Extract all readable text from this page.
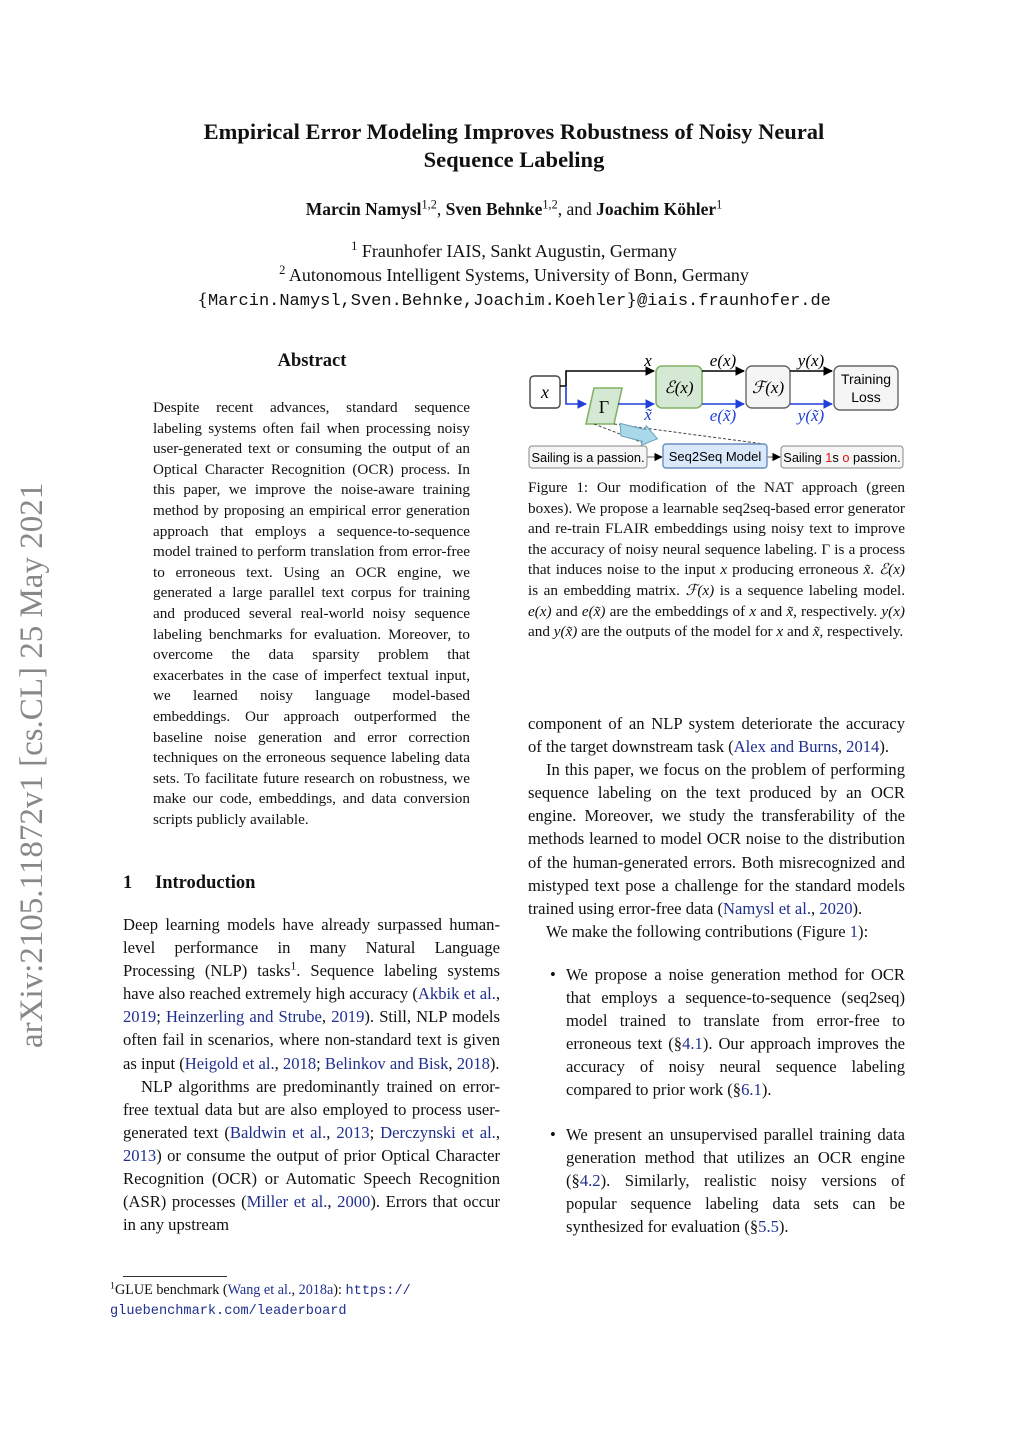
Empirical Error Modeling Improves Robustness of Noisy Neural
Sequence Labeling
Marcin Namysl$^{1,2}$, Sven Behnke$^{1,2}$, and Joachim Köhler$^1$
$^1$ Fraunhofer IAIS, Sankt Augustin, Germany
$^2$ Autonomous Intelligent Systems, University of Bonn, Germany
{Marcin.Namysl,Sven.Behnke,Joachim.Koehler}@iais.fraunhofer.de
arXiv:2105.11872v1 [cs.CL] 25 May 2021
Abstract
Despite recent advances, standard sequence labeling systems often fail when processing noisy user-generated text or consuming the output of an Optical Character Recognition (OCR) process. In this paper, we improve the noise-aware training method by proposing an empirical error generation approach that employs a sequence-to-sequence model trained to perform translation from error-free to erroneous text. Using an OCR engine, we generated a large parallel text corpus for training and produced several real-world noisy sequence labeling benchmarks for evaluation. Moreover, to overcome the data sparsity problem that exacerbates in the case of imperfect textual input, we learned noisy language model-based embeddings. Our approach outperformed the baseline noise generation and error correction techniques on the erroneous sequence labeling data sets. To facilitate future research on robustness, we make our code, embeddings, and data conversion scripts publicly available.
1 Introduction

Deep learning models have already surpassed human-level performance in many Natural Language Processing (NLP) tasks$^1$. Sequence labeling systems have also reached extremely high accuracy (Akbik et al., 2019; Heinzerling and Strube, 2019). Still, NLP models often fail in scenarios, where non-standard text is given as input (Heigold et al., 2018; Belinkov and Bisk, 2018).

NLP algorithms are predominantly trained on error-free textual data but are also employed to process user-generated text (Baldwin et al., 2013; Derczynski et al., 2013) or consume the output of prior Optical Character Recognition (OCR) or Automatic Speech Recognition (ASR) processes (Miller et al., 2000). Errors that occur in any upstream

$^1$GLUE benchmark (Wang et al., 2018a): https://
gluebenchmark.com/leaderboard
x
x
Γ x̃
ℰ(x)
e(x)
e(x̃)
ℱ(x)
y(x)
y(x̃)
Training
Loss
Sailing is a passion. Seq2Seq Model Sailing 1s o passion.
Figure 1: Our modification of the NAT approach (green boxes). We propose a learnable seq2seq-based error generator and re-train FLAIR embeddings using noisy text to improve the accuracy of noisy neural sequence labeling. Γ is a process that induces noise to the input x producing erroneous x̃. ℰ(x) is an embedding matrix. ℱ(x) is a sequence labeling model. e(x) and e(x̃) are the embeddings of x and x̃, respectively. y(x) and y(x̃) are the outputs of the model for x and x̃, respectively.

component of an NLP system deteriorate the accuracy of the target downstream task (Alex and Burns, 2014).

In this paper, we focus on the problem of performing sequence labeling on the text produced by an OCR engine. Moreover, we study the transferability of the methods learned to model OCR noise to the distribution of the human-generated errors. Both misrecognized and mistyped text pose a challenge for the standard models trained using error-free data (Namysl et al., 2020).

We make the following contributions (Figure 1):

• We propose a noise generation method for OCR that employs a sequence-to-sequence (seq2seq) model trained to translate from error-free to erroneous text (§4.1). Our approach improves the accuracy of noisy neural sequence labeling compared to prior work (§6.1).
• We present an unsupervised parallel training data generation method that utilizes an OCR engine (§4.2). Similarly, realistic noisy versions of popular sequence labeling data sets can be synthesized for evaluation (§5.5).
